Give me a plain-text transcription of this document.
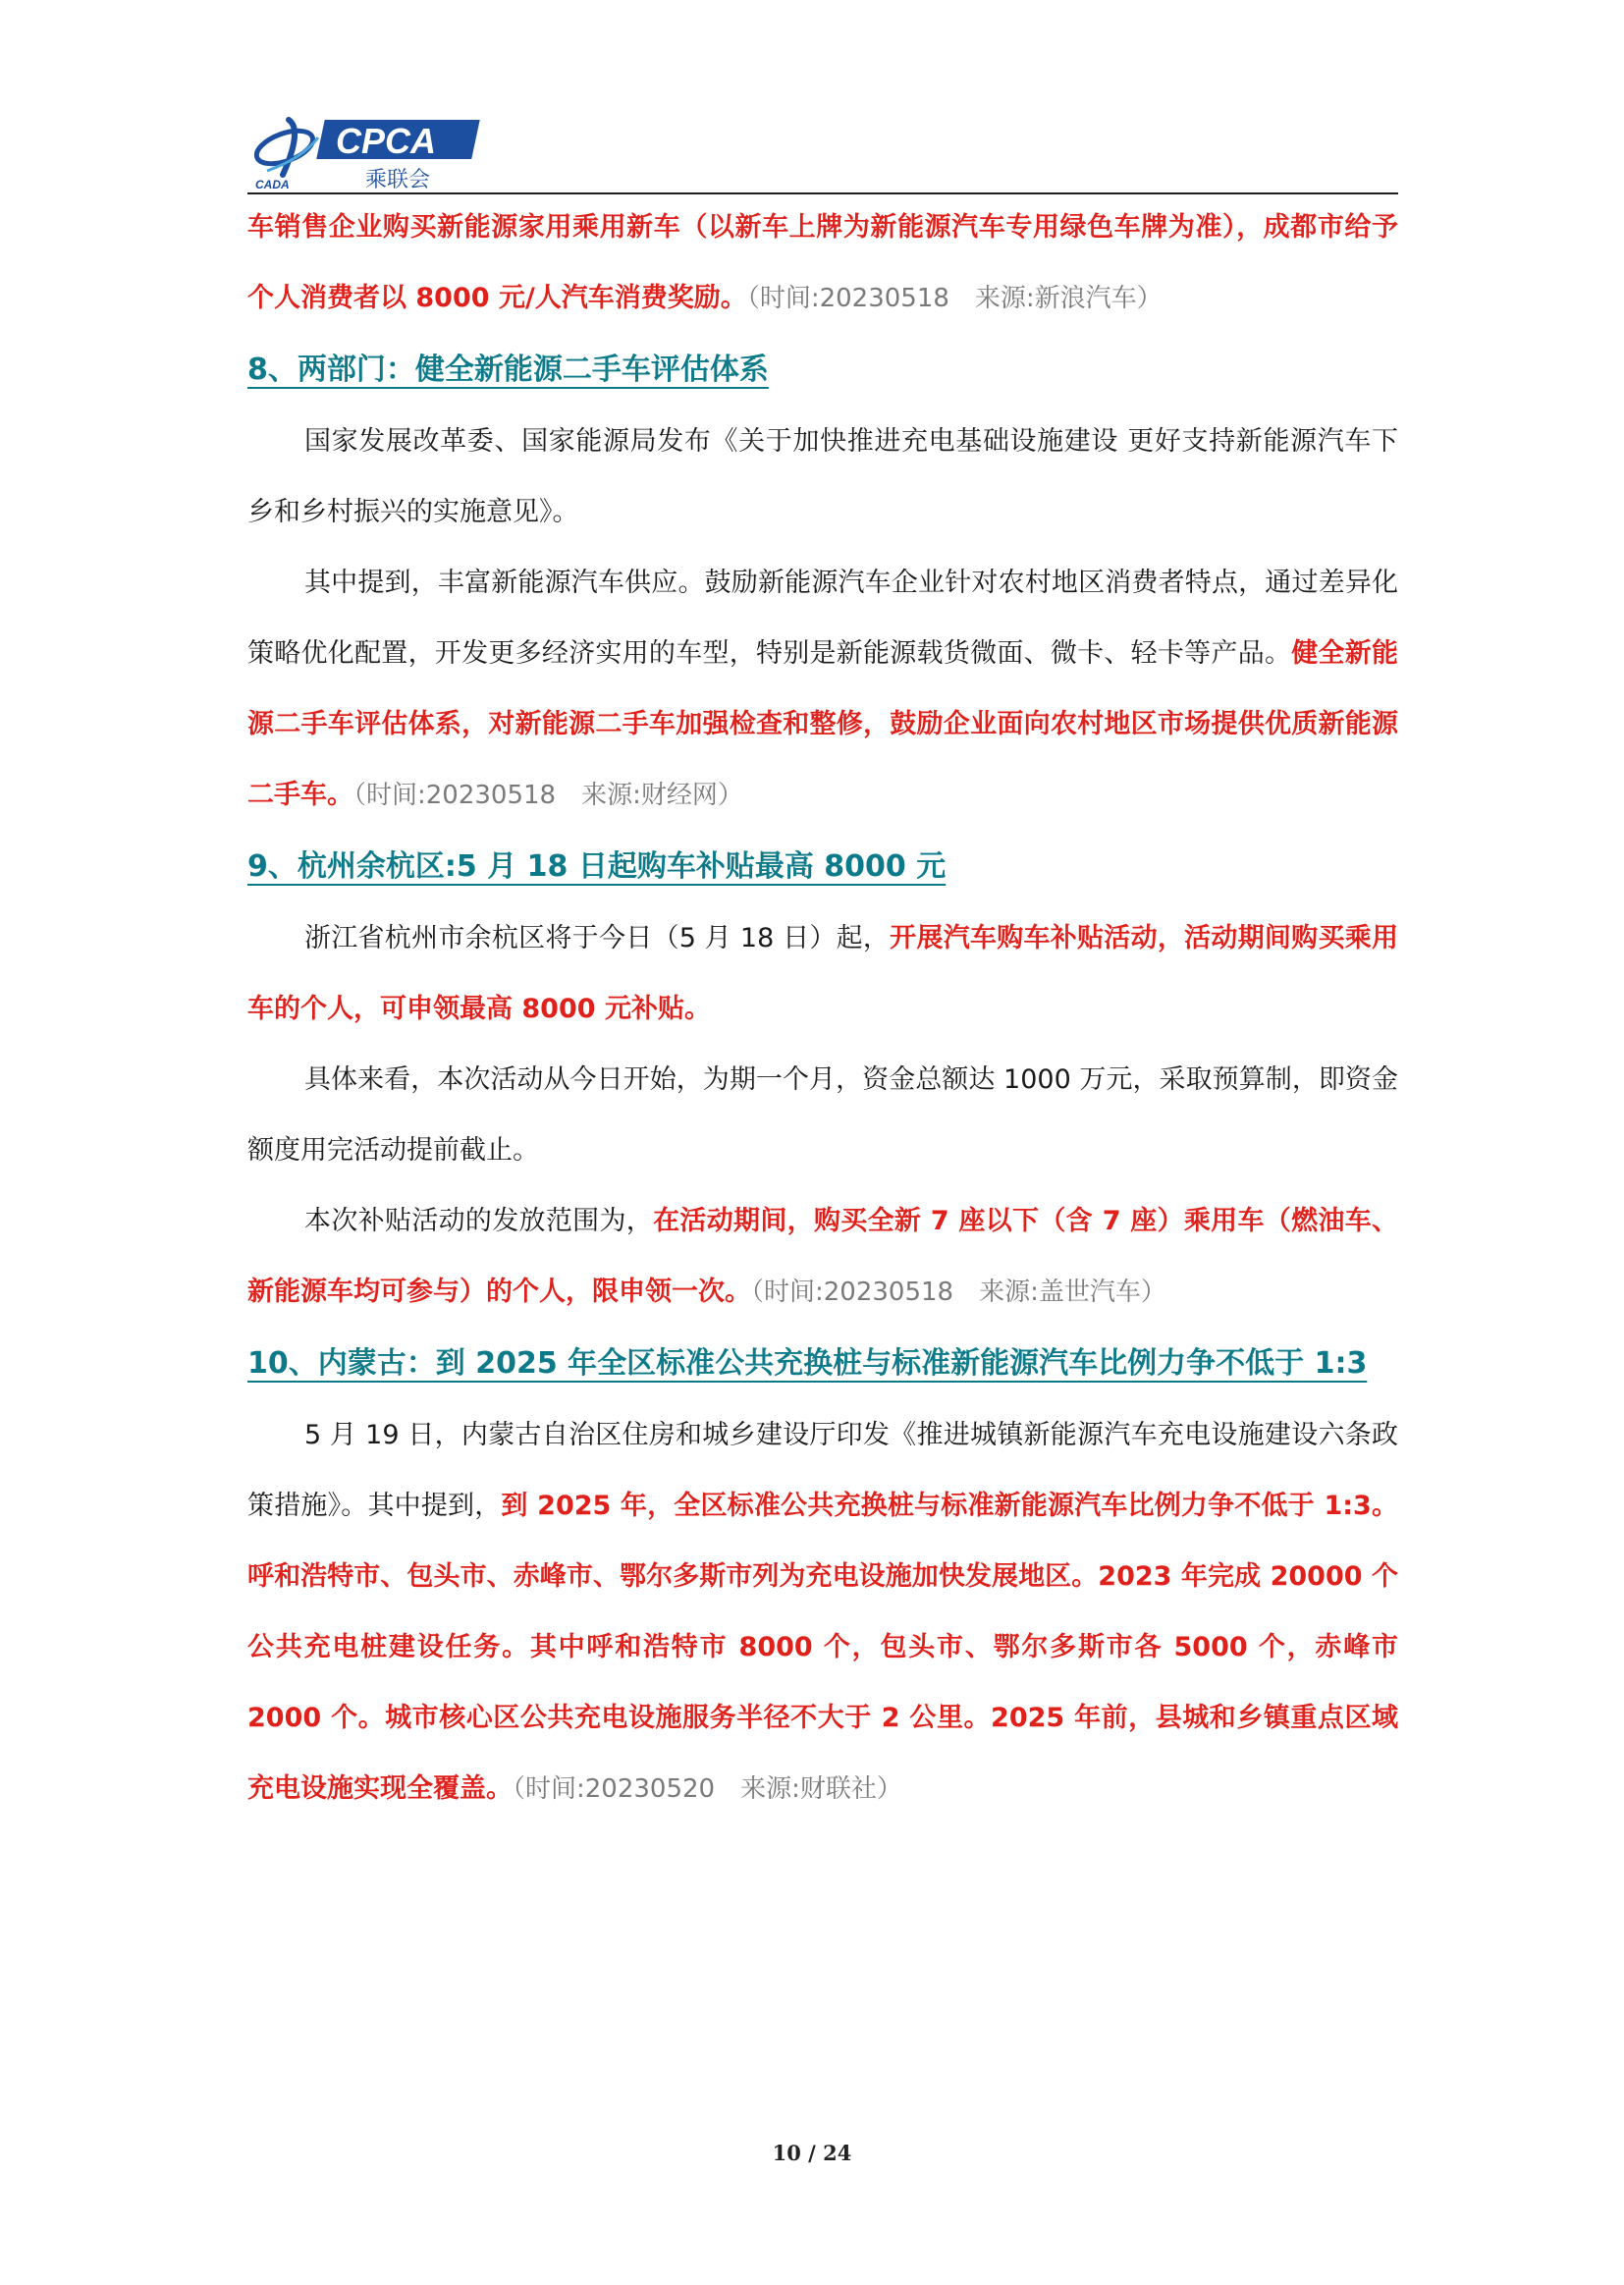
CPCA
乘联会
CADA

车销售企业购买新能源家用乘用新车（以新车上牌为新能源汽车专用绿色车牌为准），成都市给予个人消费者以 8000 元/人汽车消费奖励。（时间:20230518　来源:新浪汽车）

8、两部门：健全新能源二手车评估体系

国家发展改革委、国家能源局发布《关于加快推进充电基础设施建设 更好支持新能源汽车下乡和乡村振兴的实施意见》。

其中提到，丰富新能源汽车供应。鼓励新能源汽车企业针对农村地区消费者特点，通过差异化策略优化配置，开发更多经济实用的车型，特别是新能源载货微面、微卡、轻卡等产品。健全新能源二手车评估体系，对新能源二手车加强检查和整修，鼓励企业面向农村地区市场提供优质新能源二手车。（时间:20230518　来源:财经网）

9、杭州余杭区:5 月 18 日起购车补贴最高 8000 元

浙江省杭州市余杭区将于今日（5 月 18 日）起，开展汽车购车补贴活动，活动期间购买乘用车的个人，可申领最高 8000 元补贴。

具体来看，本次活动从今日开始，为期一个月，资金总额达 1000 万元，采取预算制，即资金额度用完活动提前截止。

本次补贴活动的发放范围为，在活动期间，购买全新 7 座以下（含 7 座）乘用车（燃油车、新能源车均可参与）的个人，限申领一次。（时间:20230518　来源:盖世汽车）

10、内蒙古：到 2025 年全区标准公共充换桩与标准新能源汽车比例力争不低于 1:3

5 月 19 日，内蒙古自治区住房和城乡建设厅印发《推进城镇新能源汽车充电设施建设六条政策措施》。其中提到，到 2025 年，全区标准公共充换桩与标准新能源汽车比例力争不低于 1:3。呼和浩特市、包头市、赤峰市、鄂尔多斯市列为充电设施加快发展地区。2023 年完成 20000 个公共充电桩建设任务。其中呼和浩特市 8000 个，包头市、鄂尔多斯市各 5000 个，赤峰市 2000 个。城市核心区公共充电设施服务半径不大于 2 公里。2025 年前，县城和乡镇重点区域充电设施实现全覆盖。（时间:20230520　来源:财联社）

10 / 24
